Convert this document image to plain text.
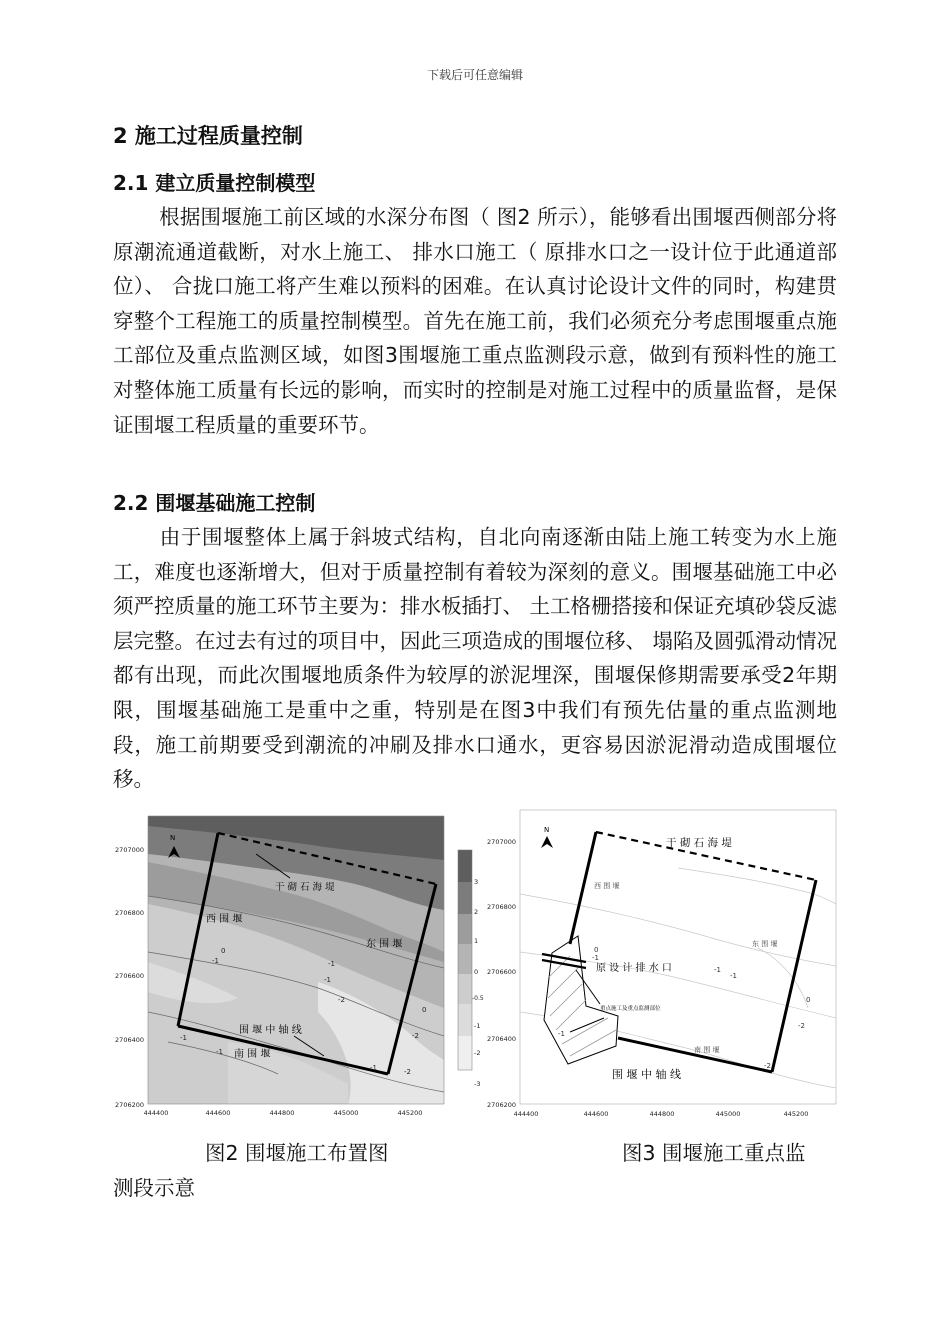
下载后可任意编辑
2 施工过程质量控制
2.1 建立质量控制模型
根据围堰施工前区域的水深分布图（ 图2 所示），能够看出围堰西侧部分将原潮流通道截断，对水上施工、 排水口施工（ 原排水口之一设计位于此通道部位）、 合拢口施工将产生难以预料的困难。在认真讨论设计文件的同时，构建贯穿整个工程施工的质量控制模型。首先在施工前，我们必须充分考虑围堰重点施工部位及重点监测区域，如图3围堰施工重点监测段示意，做到有预料性的施工对整体施工质量有长远的影响，而实时的控制是对施工过程中的质量监督，是保证围堰工程质量的重要环节。
2.2 围堰基础施工控制
由于围堰整体上属于斜坡式结构，自北向南逐渐由陆上施工转变为水上施工，难度也逐渐增大，但对于质量控制有着较为深刻的意义。围堰基础施工中必须严控质量的施工环节主要为：排水板插打、 土工格栅搭接和保证充填砂袋反滤层完整。在过去有过的项目中，因此三项造成的围堰位移、 塌陷及圆弧滑动情况都有出现，而此次围堰地质条件为较厚的淤泥埋深，围堰保修期需要承受2年期限，围堰基础施工是重中之重，特别是在图3中我们有预先估量的重点监测地段，施工前期要受到潮流的冲刷及排水口通水，更容易因淤泥滑动造成围堰位移。
N
干 砌 石 海 堤
西 围 堰
东 围 堰
围 堰 中 轴 线
南 围 堰
0
-1
-1
-2
-1
-1
-2
0
-1
-1
-2
2707000
2706800
2706600
2706400
2706200
444400	444600	444800	445000	445200
3
2
1
0
-0.5
-1
-2
-3
N
干 砌 石 海 堤
西 围 堰
东 围 堰
原 设 计 排 水 口
重点施工及重点监测部位
南 围 堰
围 堰 中 轴 线
0
-1
-1
-1
-2
0
-1
-2
2707000
2706800
2706600
2706400
2706200
444400	444600	444800	445000	445200
图2 围堰施工布置图	图3 围堰施工重点监
测段示意
